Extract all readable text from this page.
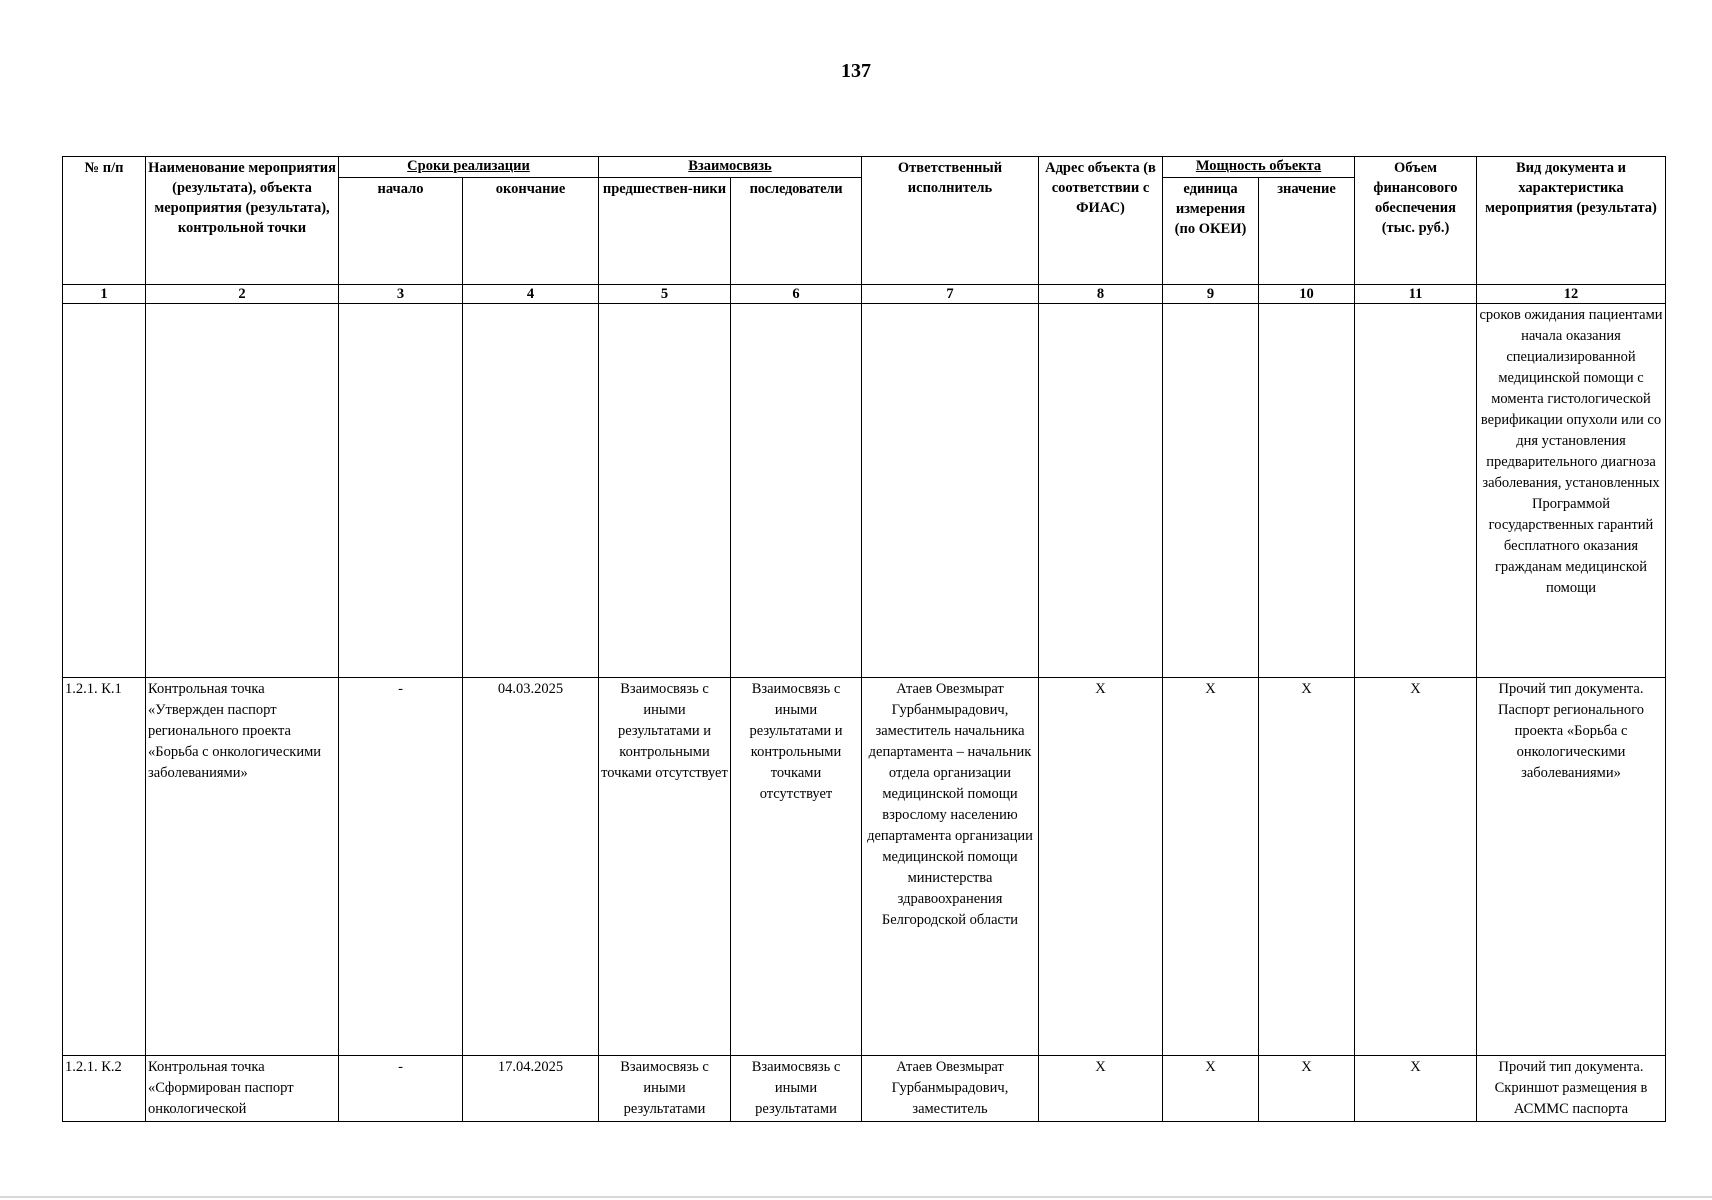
137
№ п/п	Наименование мероприятия (результата), объекта мероприятия (результата), контрольной точки	Сроки реализации		Взаимосвязь		Ответственный исполнитель	Адрес объекта (в соответствии с ФИАС)	Мощность объекта		Объем финансового обеспечения (тыс. руб.)	Вид документа и характеристика мероприятия (результата)
		начало	окончание	предшествен-ники	последователи			единица измерения (по ОКЕИ)	значение		
1	2	3	4	5	6	7	8	9	10	11	12
											сроков ожидания пациентами начала оказания специализированной медицинской помощи с момента гистологической верификации опухоли или со дня установления предварительного диагноза заболевания, установленных Программой государственных гарантий бесплатного оказания гражданам медицинской помощи
1.2.1. К.1	Контрольная точка «Утвержден паспорт регионального проекта «Борьба с онкологическими заболеваниями»	-	04.03.2025	Взаимосвязь с иными результатами и контрольными точками отсутствует	Взаимосвязь с иными результатами и контрольными точками отсутствует	Атаев Овезмырат Гурбанмырадович, заместитель начальника департамента – начальник отдела организации медицинской помощи взрослому населению департамента организации медицинской помощи министерства здравоохранения Белгородской области	X	X	X	X	Прочий тип документа. Паспорт регионального проекта «Борьба с онкологическими заболеваниями»
1.2.1. К.2	Контрольная точка «Сформирован паспорт онкологической	-	17.04.2025	Взаимосвязь с иными результатами	Взаимосвязь с иными результатами	Атаев Овезмырат Гурбанмырадович, заместитель	X	X	X	X	Прочий тип документа. Скриншот размещения в АСММС паспорта
